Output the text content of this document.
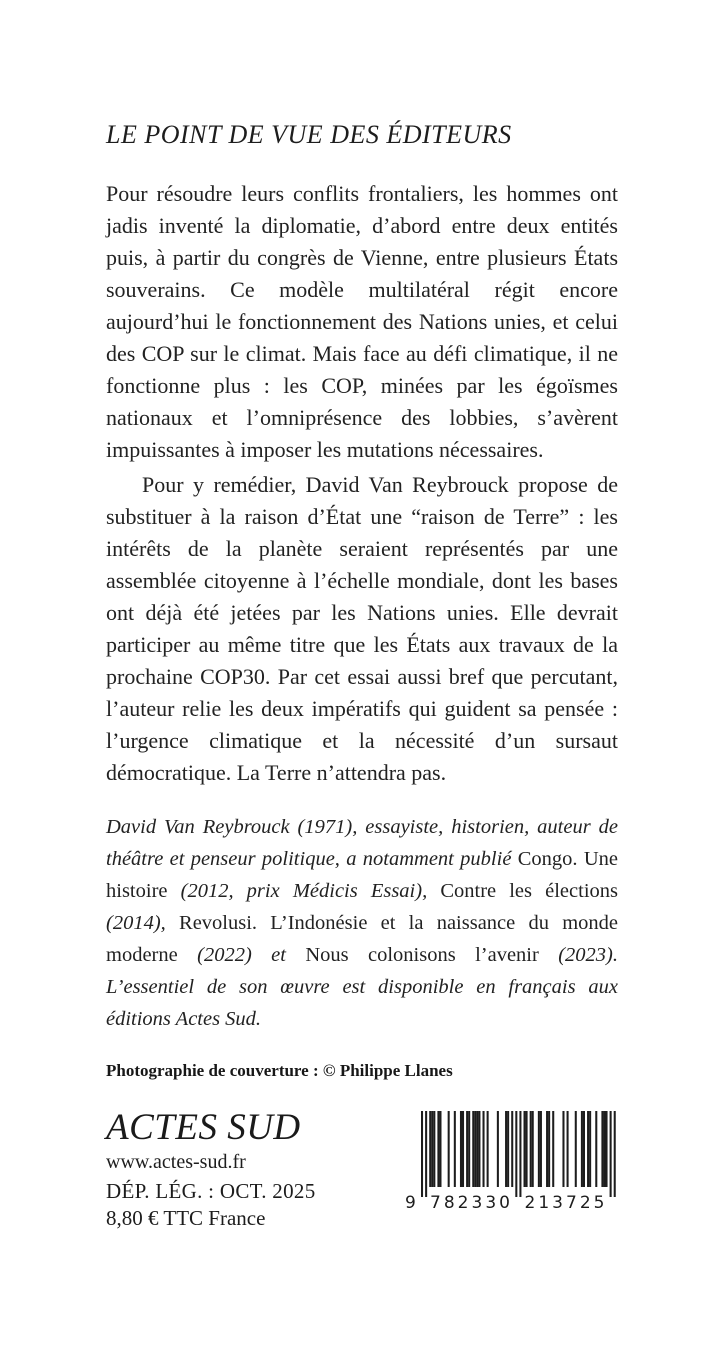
LE POINT DE VUE DES ÉDITEURS

Pour résoudre leurs conflits frontaliers, les hommes ont jadis inventé la diplomatie, d’abord entre deux entités puis, à partir du congrès de Vienne, entre plusieurs États souverains. Ce modèle multilatéral régit encore aujourd’hui le fonctionnement des Nations unies, et celui des COP sur le climat. Mais face au défi climatique, il ne fonctionne plus : les COP, minées par les égoïsmes nationaux et l’omniprésence des lobbies, s’avèrent impuissantes à imposer les mutations nécessaires.

Pour y remédier, David Van Reybrouck propose de substituer à la raison d’État une “raison de Terre” : les intérêts de la planète seraient représentés par une assemblée citoyenne à l’échelle mondiale, dont les bases ont déjà été jetées par les Nations unies. Elle devrait participer au même titre que les États aux travaux de la prochaine COP30. Par cet essai aussi bref que percutant, l’auteur relie les deux impératifs qui guident sa pensée : l’urgence climatique et la nécessité d’un sursaut démocratique. La Terre n’attendra pas.

David Van Reybrouck (1971), essayiste, historien, auteur de théâtre et penseur politique, a notamment publié Congo. Une histoire (2012, prix Médicis Essai), Contre les élections (2014), Revolusi. L’Indonésie et la naissance du monde moderne (2022) et Nous colonisons l’avenir (2023). L’essentiel de son œuvre est disponible en français aux éditions Actes Sud.

Photographie de couverture : © Philippe Llanes

ACTES SUD
www.actes-sud.fr
DÉP. LÉG. : OCT. 2025
8,80 € TTC France
9 782330 213725
